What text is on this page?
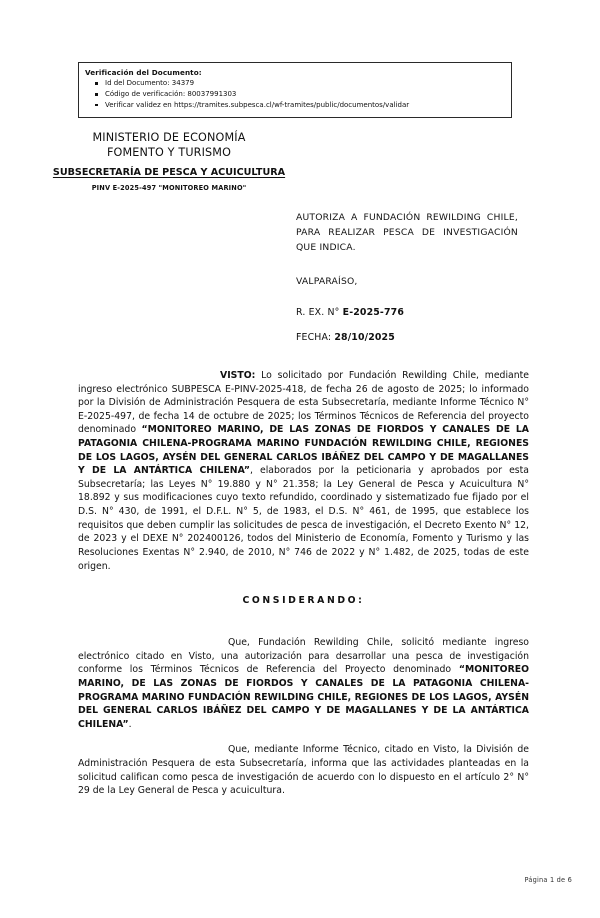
Verificación del Documento:
Id del Documento: 34379
Código de verificación: 80037991303
Verificar validez en https://tramites.subpesca.cl/wf-tramites/public/documentos/validar
MINISTERIO DE ECONOMÍA
FOMENTO Y TURISMO
SUBSECRETARÍA DE PESCA Y ACUICULTURA
PINV E-2025-497 "MONITOREO MARINO"
AUTORIZA A FUNDACIÓN REWILDING CHILE, PARA REALIZAR PESCA DE INVESTIGACIÓN QUE INDICA.
VALPARAÍSO,
R. EX. N° E-2025-776
FECHA: 28/10/2025

VISTO: Lo solicitado por Fundación Rewilding Chile, mediante ingreso electrónico SUBPESCA E-PINV-2025-418, de fecha 26 de agosto de 2025; lo informado por la División de Administración Pesquera de esta Subsecretaría, mediante Informe Técnico N° E-2025-497, de fecha 14 de octubre de 2025; los Términos Técnicos de Referencia del proyecto denominado “MONITOREO MARINO, DE LAS ZONAS DE FIORDOS Y CANALES DE LA PATAGONIA CHILENA-PROGRAMA MARINO FUNDACIÓN REWILDING CHILE, REGIONES DE LOS LAGOS, AYSÉN DEL GENERAL CARLOS IBÁÑEZ DEL CAMPO Y DE MAGALLANES Y DE LA ANTÁRTICA CHILENA”, elaborados por la peticionaria y aprobados por esta Subsecretaría; las Leyes N° 19.880 y N° 21.358; la Ley General de Pesca y Acuicultura N° 18.892 y sus modificaciones cuyo texto refundido, coordinado y sistematizado fue fijado por el D.S. N° 430, de 1991, el D.F.L. N° 5, de 1983, el D.S. N° 461, de 1995, que establece los requisitos que deben cumplir las solicitudes de pesca de investigación, el Decreto Exento N° 12, de 2023 y el DEXE N° 202400126, todos del Ministerio de Economía, Fomento y Turismo y las Resoluciones Exentas N° 2.940, de 2010, N° 746 de 2022 y N° 1.482, de 2025, todas de este origen.

CONSIDERANDO:

Que, Fundación Rewilding Chile, solicitó mediante ingreso electrónico citado en Visto, una autorización para desarrollar una pesca de investigación conforme los Términos Técnicos de Referencia del Proyecto denominado “MONITOREO MARINO, DE LAS ZONAS DE FIORDOS Y CANALES DE LA PATAGONIA CHILENA-PROGRAMA MARINO FUNDACIÓN REWILDING CHILE, REGIONES DE LOS LAGOS, AYSÉN DEL GENERAL CARLOS IBÁÑEZ DEL CAMPO Y DE MAGALLANES Y DE LA ANTÁRTICA CHILENA”.

Que, mediante Informe Técnico, citado en Visto, la División de Administración Pesquera de esta Subsecretaría, informa que las actividades planteadas en la solicitud califican como pesca de investigación de acuerdo con lo dispuesto en el artículo 2° N° 29 de la Ley General de Pesca y acuicultura.

Página 1 de 6
